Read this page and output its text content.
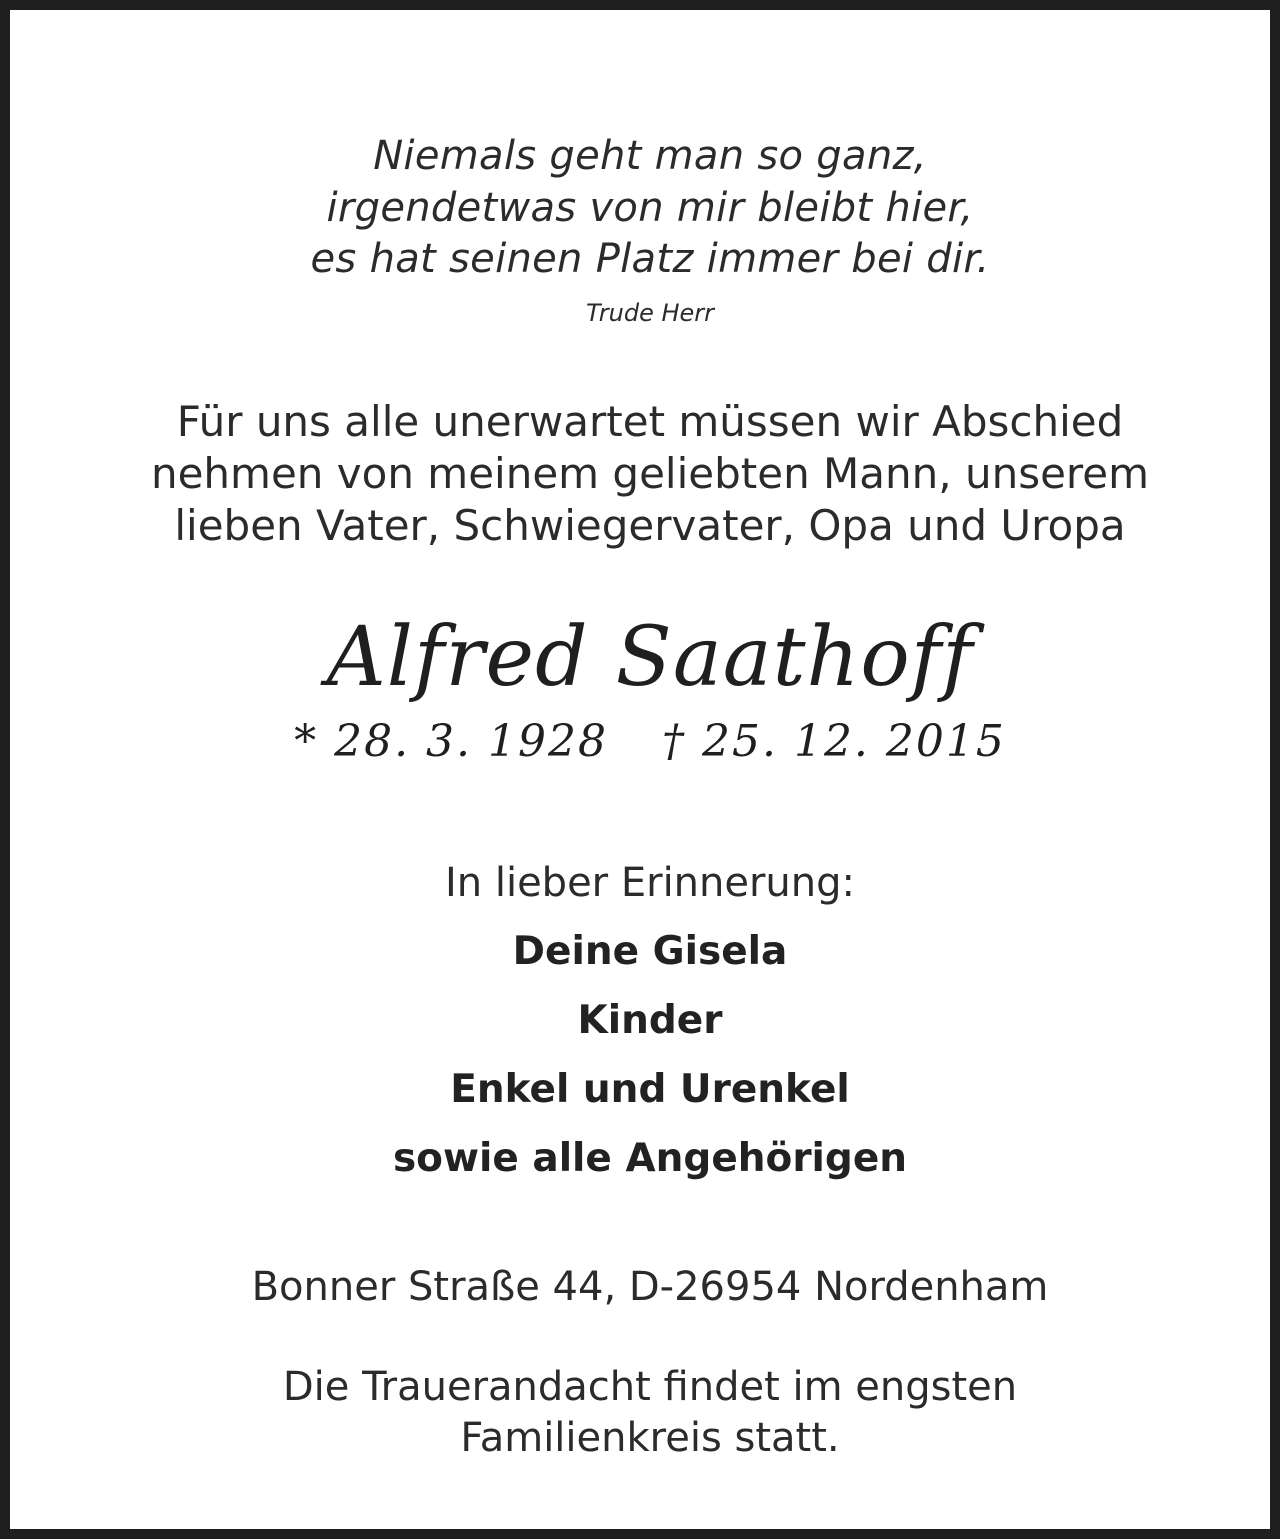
Niemals geht man so ganz,
irgendetwas von mir bleibt hier,
es hat seinen Platz immer bei dir.
Trude Herr
Für uns alle unerwartet müssen wir Abschied
nehmen von meinem geliebten Mann, unserem
lieben Vater, Schwiegervater, Opa und Uropa
Alfred Saathoff
* 28. 3. 1928 † 25. 12. 2015
In lieber Erinnerung:
Deine Gisela
Kinder
Enkel und Urenkel
sowie alle Angehörigen
Bonner Straße 44, D-26954 Nordenham
Die Trauerandacht findet im engsten
Familienkreis statt.
